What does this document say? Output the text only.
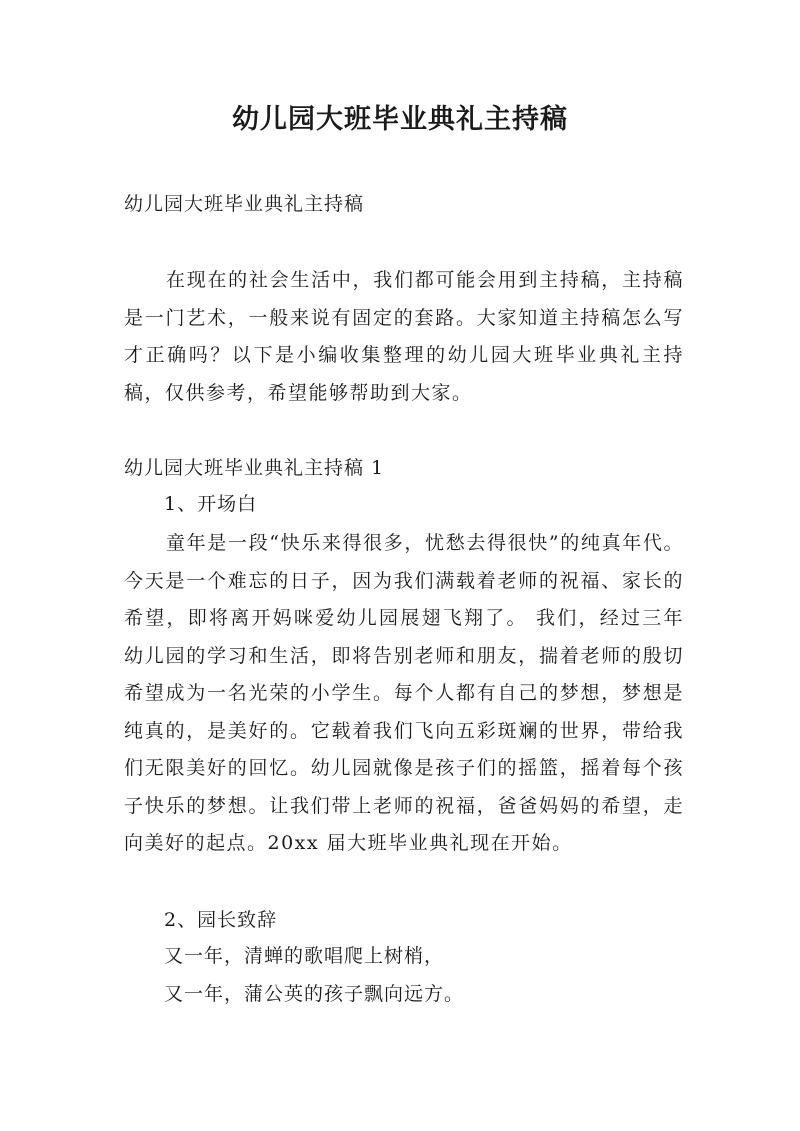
幼儿园大班毕业典礼主持稿

幼儿园大班毕业典礼主持稿

在现在的社会生活中，我们都可能会用到主持稿，主持稿是一门艺术，一般来说有固定的套路。大家知道主持稿怎么写才正确吗？以下是小编收集整理的幼儿园大班毕业典礼主持稿，仅供参考，希望能够帮助到大家。

幼儿园大班毕业典礼主持稿 1

1、开场白

童年是一段“快乐来得很多，忧愁去得很快”的纯真年代。今天是一个难忘的日子，因为我们满载着老师的祝福、家长的希望，即将离开妈咪爱幼儿园展翅飞翔了。 我们，经过三年幼儿园的学习和生活，即将告别老师和朋友，揣着老师的殷切希望成为一名光荣的小学生。每个人都有自己的梦想，梦想是纯真的，是美好的。它载着我们飞向五彩斑斓的世界，带给我们无限美好的回忆。幼儿园就像是孩子们的摇篮，摇着每个孩子快乐的梦想。让我们带上老师的祝福，爸爸妈妈的希望，走向美好的起点。20xx 届大班毕业典礼现在开始。

2、园长致辞

又一年，清蝉的歌唱爬上树梢，

又一年，蒲公英的孩子飘向远方。
